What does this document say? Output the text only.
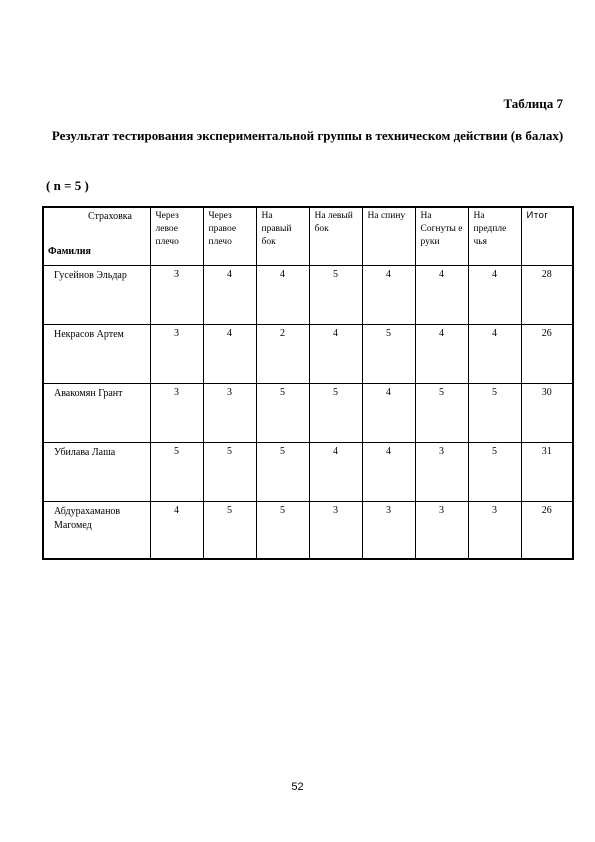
Таблица 7
Результат тестирования экспериментальной группы в техническом действии (в балах)
( n = 5 )
Страховка
Фамилия	Через левое плечо	Через правое плечо	На правый бок	На левый бок	На спину	На Согнуты е руки	На предпле чья	Итог
Гусейнов Эльдар	3	4	4	5	4	4	4	28
Некрасов Артем	3	4	2	4	5	4	4	26
Авакомян Грант	3	3	5	5	4	5	5	30
Убилава Лаша	5	5	5	4	4	3	5	31
Абдурахаманов Магомед	4	5	5	3	3	3	3	26
52
